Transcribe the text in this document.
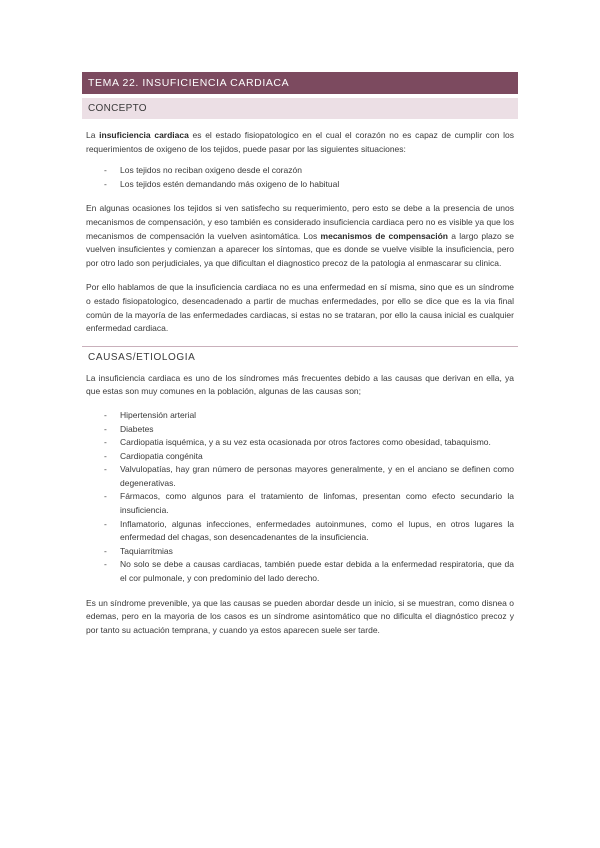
TEMA 22. INSUFICIENCIA CARDIACA
CONCEPTO

La insuficiencia cardiaca es el estado fisiopatologico en el cual el corazón no es capaz de cumplir con los requerimientos de oxigeno de los tejidos, puede pasar por las siguientes situaciones:

- Los tejidos no reciban oxigeno desde el corazón
- Los tejidos estén demandando más oxigeno de lo habitual

En algunas ocasiones los tejidos si ven satisfecho su requerimiento, pero esto se debe a la presencia de unos mecanismos de compensación, y eso también es considerado insuficiencia cardiaca pero no es visible ya que los mecanismos de compensación la vuelven asintomática. Los mecanismos de compensación a largo plazo se vuelven insuficientes y comienzan a aparecer los síntomas, que es donde se vuelve visible la insuficiencia, pero por otro lado son perjudiciales, ya que dificultan el diagnostico precoz de la patologia al enmascarar su clinica.

Por ello hablamos de que la insuficiencia cardiaca no es una enfermedad en sí misma, sino que es un síndrome o estado fisiopatologico, desencadenado a partir de muchas enfermedades, por ello se dice que es la via final común de la mayoría de las enfermedades cardiacas, si estas no se trataran, por ello la causa inicial es cualquier enfermedad cardiaca.

CAUSAS/ETIOLOGIA

La insuficiencia cardiaca es uno de los síndromes más frecuentes debido a las causas que derivan en ella, ya que estas son muy comunes en la población, algunas de las causas son;

- Hipertensión arterial
- Diabetes
- Cardiopatia isquémica, y a su vez esta ocasionada por otros factores como obesidad, tabaquismo.
- Cardiopatia congénita
- Valvulopatías, hay gran número de personas mayores generalmente, y en el anciano se definen como degenerativas.
- Fármacos, como algunos para el tratamiento de linfomas, presentan como efecto secundario la insuficiencia.
- Inflamatorio, algunas infecciones, enfermedades autoinmunes, como el lupus, en otros lugares la enfermedad del chagas, son desencadenantes de la insuficiencia.
- Taquiarritmias
- No solo se debe a causas cardiacas, también puede estar debida a la enfermedad respiratoria, que da el cor pulmonale, y con predominio del lado derecho.

Es un síndrome prevenible, ya que las causas se pueden abordar desde un inicio, si se muestran, como disnea o edemas, pero en la mayoria de los casos es un síndrome asintomático que no dificulta el diagnóstico precoz y por tanto su actuación temprana, y cuando ya estos aparecen suele ser tarde.
